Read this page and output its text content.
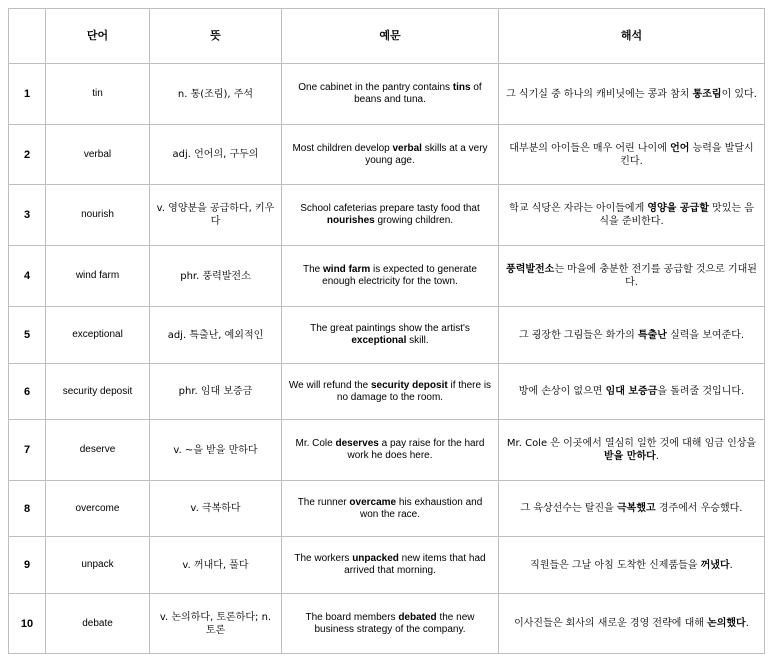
	단어	뜻	예문	해석
1	tin	n. 통(조림), 주석	One cabinet in the pantry contains tins of beans and tuna.	그 식기실 중 하나의 캐비닛에는 콩과 참치 통조림이 있다.
2	verbal	adj. 언어의, 구두의	Most children develop verbal skills at a very young age.	대부분의 아이들은 매우 어린 나이에 언어 능력을 발달시킨다.
3	nourish	v. 영양분을 공급하다, 키우다	School cafeterias prepare tasty food that nourishes growing children.	학교 식당은 자라는 아이들에게 영양을 공급할 맛있는 음식을 준비한다.
4	wind farm	phr. 풍력발전소	The wind farm is expected to generate enough electricity for the town.	풍력발전소는 마을에 충분한 전기를 공급할 것으로 기대된다.
5	exceptional	adj. 특출난, 예외적인	The great paintings show the artist's exceptional skill.	그 굉장한 그림들은 화가의 특출난 실력을 보여준다.
6	security deposit	phr. 임대 보증금	We will refund the security deposit if there is no damage to the room.	방에 손상이 없으면 임대 보증금을 돌려줄 것입니다.
7	deserve	v. ~을 받을 만하다	Mr. Cole deserves a pay raise for the hard work he does here.	Mr. Cole 은 이곳에서 열심히 일한 것에 대해 임금 인상을 받을 만하다.
8	overcome	v. 극복하다	The runner overcame his exhaustion and won the race.	그 육상선수는 탈진을 극복했고 경주에서 우승했다.
9	unpack	v. 꺼내다, 풀다	The workers unpacked new items that had arrived that morning.	직원들은 그날 아침 도착한 신제품들을 꺼냈다.
10	debate	v. 논의하다, 토론하다; n. 토론	The board members debated the new business strategy of the company.	이사진들은 회사의 새로운 경영 전략에 대해 논의했다.
